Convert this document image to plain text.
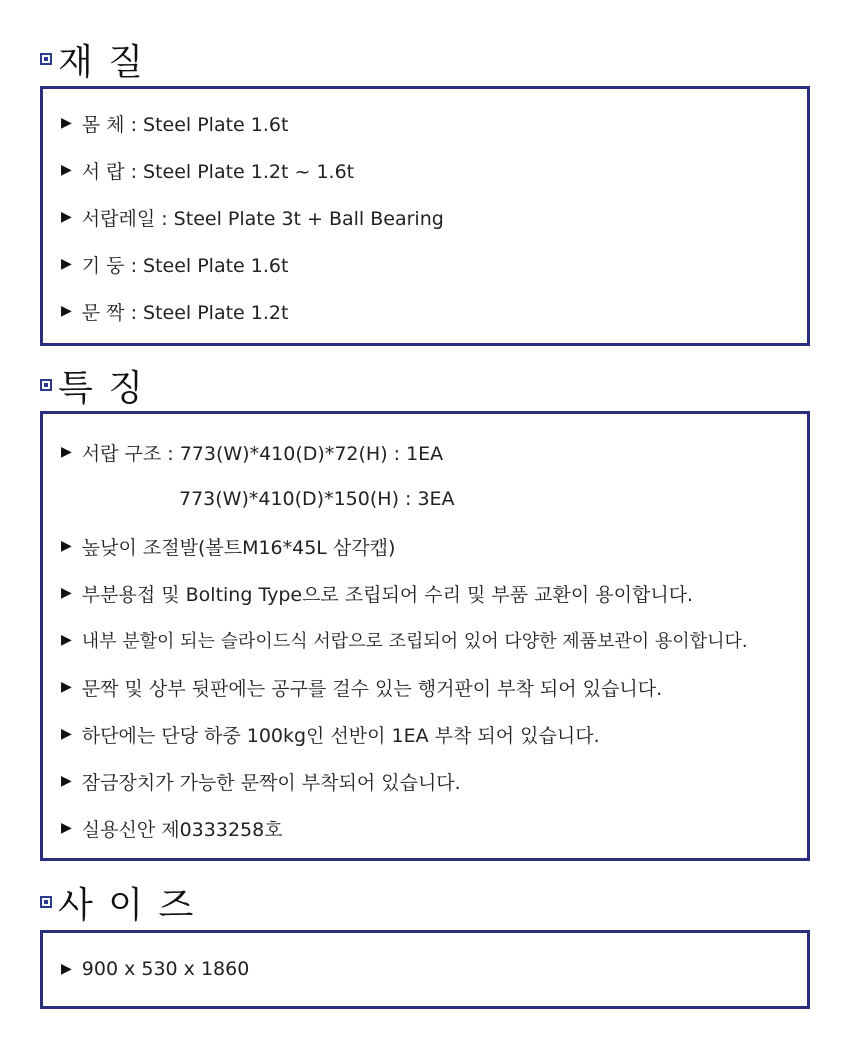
재 질
▶ 몸 체 : Steel Plate 1.6t
▶ 서 랍 : Steel Plate 1.2t ~ 1.6t
▶ 서랍레일 : Steel Plate 3t + Ball Bearing
▶ 기 둥 : Steel Plate 1.6t
▶ 문 짝 : Steel Plate 1.2t
특 징
▶ 서랍 구조 : 773(W)*410(D)*72(H) : 1EA
773(W)*410(D)*150(H) : 3EA
▶ 높낮이 조절발(볼트M16*45L 삼각캡)
▶ 부분용접 및 Bolting Type으로 조립되어 수리 및 부품 교환이 용이합니다.
▶ 내부 분할이 되는 슬라이드식 서랍으로 조립되어 있어 다양한 제품보관이 용이합니다.
▶ 문짝 및 상부 뒷판에는 공구를 걸수 있는 행거판이 부착 되어 있습니다.
▶ 하단에는 단당 하중 100kg인 선반이 1EA 부착 되어 있습니다.
▶ 잠금장치가 가능한 문짝이 부착되어 있습니다.
▶ 실용신안 제0333258호
사 이 즈
▶ 900 x 530 x 1860
